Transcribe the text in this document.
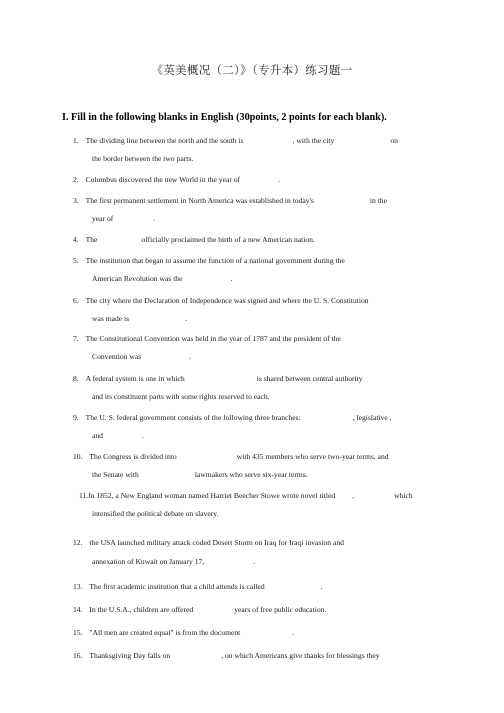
《英美概况（二）》（专升本）练习题一
I. Fill in the following blanks in English (30points, 2 points for each blank).
1. The dividing line between the north and the south is	, with the city	on
the border between the two parts.
2. Columbus discovered the new World in the year of	.
3. The first permanent settlement in North America was established in today's	in the
year of	.
4. The	officially proclaimed the birth of a new American nation.
5. The institution that began to assume the function of a national government during the
American Revolution was the	.
6. The city where the Declaration of Independence was signed and where the U. S. Constitution
was made is	.
7. The Constitutional Convention was held in the year of 1787 and the president of the
Convention was	.
8. A federal system is one in which	is shared between central authority
and its constituent parts with some rights reserved to each.
9. The U. S. federal government consists of the following three branches:	, legislative ,
and	.
10. The Congress is divided into	with 435 members who serve two-year terms, and
the Senate with	lawmakers who serve six-year terms.
11.In 1852, a New England woman named Harriet Beecher Stowe wrote novel titled ,	which
intensified the political debate on slavery.
12. the USA launched military attack coded Desert Storm on Iraq for Iraqi invasion and
annexation of Kuwait on January 17,	.
13. The first academic institution that a child attends is called	.
14. In the U.S.A., children are offered	years of free public education.
15. "All men are created equal" is from the document	.
16. Thanksgiving Day falls on	, on which Americans give thanks for blessings they
